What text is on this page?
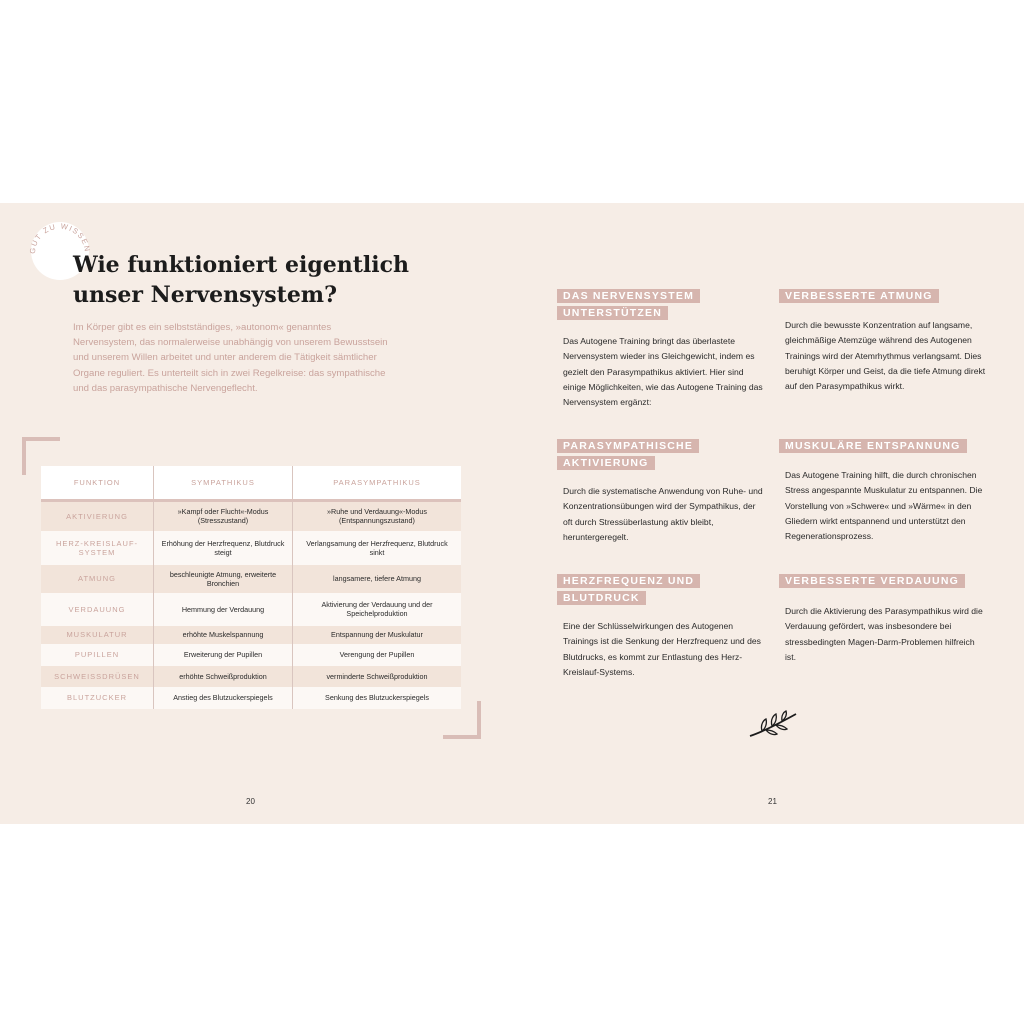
GUT ZU WISSEN
Wie funktioniert eigentlich
unser Nervensystem?

Im Körper gibt es ein selbstständiges, »autonom« genanntes Nervensystem, das normalerweise unabhängig von unserem Bewusstsein und unserem Willen arbeitet und unter anderem die Tätigkeit sämtlicher Organe reguliert. Es unterteilt sich in zwei Regelkreise: das sympathische und das parasympathische Nervengeflecht.

FUNKTION	SYMPATHIKUS	PARASYMPATHIKUS
AKTIVIERUNG	»Kampf oder Flucht«-Modus (Stresszustand)	»Ruhe und Verdauung«-Modus (Entspannungszustand)
HERZ-KREISLAUF-SYSTEM	Erhöhung der Herzfrequenz, Blutdruck steigt	Verlangsamung der Herzfrequenz, Blutdruck sinkt
ATMUNG	beschleunigte Atmung, erweiterte Bronchien	langsamere, tiefere Atmung
VERDAUUNG	Hemmung der Verdauung	Aktivierung der Verdauung und der Speichelproduktion
MUSKULATUR	erhöhte Muskelspannung	Entspannung der Muskulatur
PUPILLEN	Erweiterung der Pupillen	Verengung der Pupillen
SCHWEISSDRÜSEN	erhöhte Schweißproduktion	verminderte Schweißproduktion
BLUTZUCKER	Anstieg des Blutzuckerspiegels	Senkung des Blutzuckerspiegels
20	21
DAS NERVENSYSTEM UNTERSTÜTZEN

Das Autogene Training bringt das überlastete Nervensystem wieder ins Gleichgewicht, indem es gezielt den Parasympathikus aktiviert. Hier sind einige Möglichkeiten, wie das Autogene Training das Nervensystem ergänzt:

VERBESSERTE ATMUNG

Durch die bewusste Konzentration auf langsame, gleichmäßige Atemzüge während des Autogenen Trainings wird der Atemrhythmus verlangsamt. Dies beruhigt Körper und Geist, da die tiefe Atmung direkt auf den Parasympathikus wirkt.

PARASYMPATHISCHE AKTIVIERUNG

Durch die systematische Anwendung von Ruhe- und Konzentrationsübungen wird der Sympathikus, der oft durch Stressüberlastung aktiv bleibt, heruntergeregelt.

MUSKULÄRE ENTSPANNUNG

Das Autogene Training hilft, die durch chronischen Stress angespannte Muskulatur zu entspannen. Die Vorstellung von »Schwere« und »Wärme« in den Gliedern wirkt entspannend und unterstützt den Regenerationsprozess.

HERZFREQUENZ UND BLUTDRUCK

Eine der Schlüsselwirkungen des Autogenen Trainings ist die Senkung der Herzfrequenz und des Blutdrucks, es kommt zur Entlastung des Herz-Kreislauf-Systems.

VERBESSERTE VERDAUUNG

Durch die Aktivierung des Parasympathikus wird die Verdauung gefördert, was insbesondere bei stressbedingten Magen-Darm-Problemen hilfreich ist.
